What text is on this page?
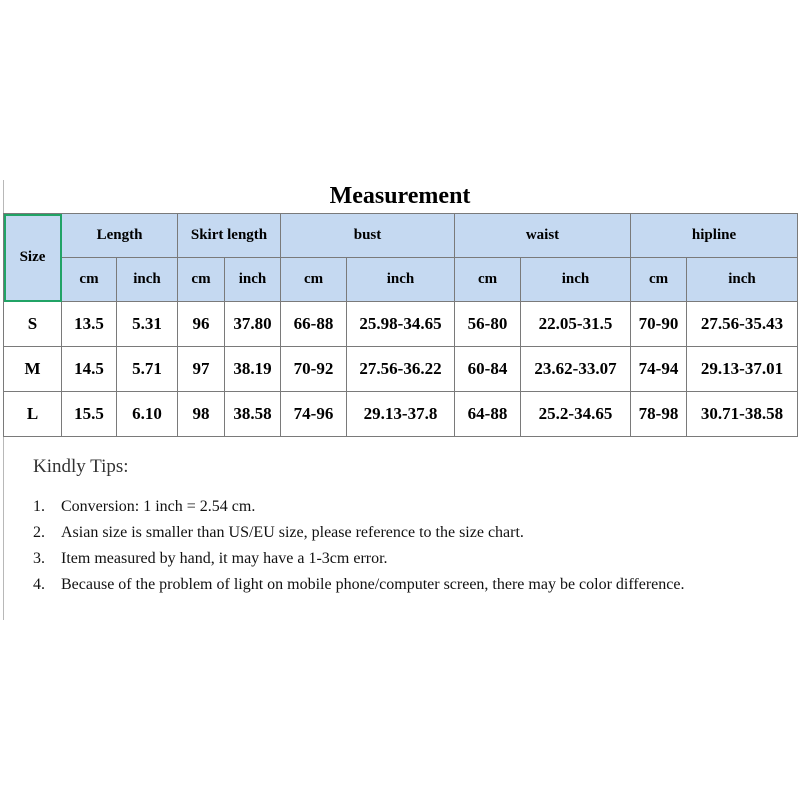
Measurement
Size	Length		Skirt length		bust		waist		hipline	
	cm	inch	cm	inch	cm	inch	cm	inch	cm	inch
S	13.5	5.31	96	37.80	66-88	25.98-34.65	56-80	22.05-31.5	70-90	27.56-35.43
M	14.5	5.71	97	38.19	70-92	27.56-36.22	60-84	23.62-33.07	74-94	29.13-37.01
L	15.5	6.10	98	38.58	74-96	29.13-37.8	64-88	25.2-34.65	78-98	30.71-38.58
Kindly Tips:
1.	Conversion: 1 inch = 2.54 cm.
2.	Asian size is smaller than US/EU size, please reference to the size chart.
3.	Item measured by hand, it may have a 1-3cm error.
4.	Because of the problem of light on mobile phone/computer screen, there may be color difference.
